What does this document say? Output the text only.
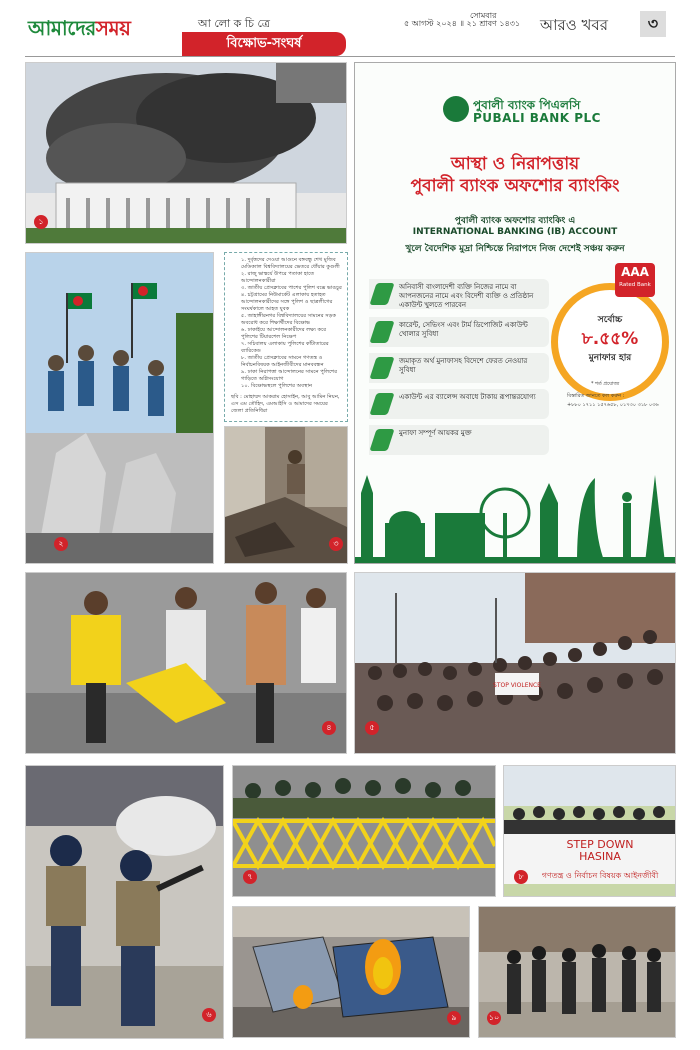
আমাদেরসময়	আ লো ক চি ত্রে
বিক্ষোভ-সংঘর্ষ
সোমবার
৫ আগস্ট ২০২৪ ॥ ২১ শ্রাবণ ১৪৩১ আরও খবর	৩
১
২
১. দুর্বৃত্তদের দেওয়া আগুনে বঙ্গবন্ধু শেখ মুজিব মেডিক্যাল বিশ্ববিদ্যালয়ের ভেতরে ধোঁয়ার কুণ্ডলী
২. রাজু ভাস্কর্যে উপরে পতাকা হাতে আন্দোলনকারীরা
৩. জাতীয় প্রেসক্লাবের পাশের পুলিশ বক্সে ভাঙচুর
৪. চট্টগ্রামের নিউমার্কেট এলাকায় হতাহত আন্দোলনকারীদের সঙ্গে পুলিশ ও ছাত্রলীগের সংঘর্ষকালে আহত যুবক
৫. জাহাঙ্গীরনগর বিশ্ববিদ্যালয়ের সামনের সড়ক অবরোধ করে শিক্ষার্থীদের বিক্ষোভ
৬. ঢাকাইয়ে আন্দোলনকারীদের লক্ষ্য করে পুলিশের টিয়ারশেল নিক্ষেপ
৭. সচিবালয় এলাকায় পুলিশের কাঁটাতারের ব্যারিকেড
৮. জাতীয় প্রেসক্লাবের সামনে গণতন্ত্র ও নির্বাচনবিষয়ক আইনজীবীদের মানববন্ধন
৯. ঢাকা নিরাপত্তা আন্দোলনের সামনে পুলিশের গাড়িতে অগ্নিসংযোগ
১০. বিক্ষোভস্থলে পুলিশের অবস্থান
ছবি : মোহাম্মদ আকরাম হোসাইন, আবু আমিন নিয়ন, এস এম তৌহিদ, এমআইসি ও আমাদের সময়ের জেলা প্রতিনিধিরা
৩
পুবালী ব্যাংক পিএলসি
PUBALI BANK PLC
আস্থা ও নিরাপত্তায়
পুবালী ব্যাংক অফশোর ব্যাংকিং
পুবালী ব্যাংক অফশোর ব্যাংকিং এ
INTERNATIONAL BANKING (IB) ACCOUNT
খুলে বৈদেশিক মুদ্রা নিশ্চিন্তে নিরাপদে নিজ দেশেই সঞ্চয় করুন
অনিবাসী বাংলাদেশী ব্যক্তি নিজের নামে বা আপনজনের নামে এবং বিদেশী ব্যক্তি ও প্রতিষ্ঠান একাউন্ট খুলতে পারবেন
কারেন্ট, সেভিংস এবং টার্ম ডিপোজিট একাউন্ট খোলার সুবিধা
জমাকৃত অর্থ মুনাফাসহ বিদেশে ফেরত নেওয়ার সুবিধা
একাউন্ট এর ব্যালেন্স অবাধে টাকায় রূপান্তরযোগ্য
মুনাফা সম্পূর্ণ আয়কর মুক্ত
সর্বোচ্চ
৮.৫৫%
মুনাফার হার
AAA
Rated Bank
* শর্ত প্রযোজ্য
বিস্তারিত জানতে কল করুন :
+৮৮০ ১৭১১ ১৫৭৬৫৮, ০১৭৩০ ৩১৮ ০৩৬
৪
STOP VIOLENCE
৫
৬
৭
STEP DOWN
HASINA
গণতন্ত্র ও নির্বাচন বিষয়ক আইনজীবী
৮
৯	১০
